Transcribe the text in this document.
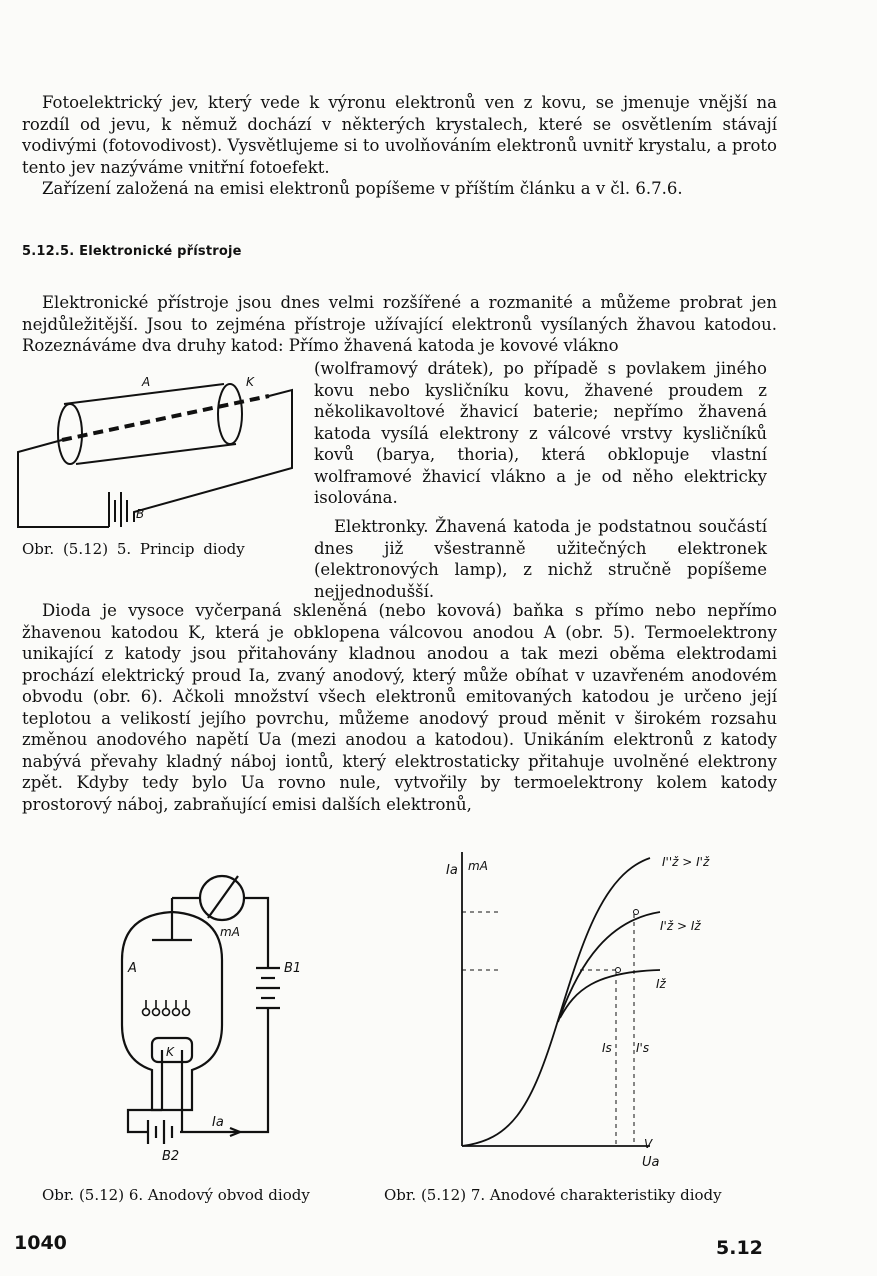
Fotoelektrický jev, který vede k výronu elektronů ven z kovu, se jmenuje vnější na rozdíl od jevu, k němuž dochází v některých krystalech, které se osvětlením stávají vodivými (fotovodivost). Vysvětlujeme si to uvolňováním elektronů uvnitř krystalu, a proto tento jev nazýváme vnitřní fotoefekt.

Zařízení založená na emisi elektronů popíšeme v příštím článku a v čl. 6.7.6.

5.12.5. Elektronické přístroje
Elektronické přístroje jsou dnes velmi rozšířené a rozmanité a můžeme probrat jen nejdůležitější. Jsou to zejména přístroje užívající elektronů vysílaných žhavou katodou. Rozeznáváme dva druhy katod: Přímo žhavená katoda je kovové vlákno
(wolframový drátek), po případě s povlakem jiného kovu nebo kysličníku kovu, žhavené proudem z několikavoltové žhavicí baterie; nepřímo žhavená katoda vysílá elektrony z válcové vrstvy kysličníků kovů (barya, thoria), která obklopuje vlastní wolframové žhavicí vlákno a je od něho elektricky isolována.
Elektronky. Žhavená katoda je podstatnou součástí dnes již všestranně užitečných elektronek (elektronových lamp), z nichž stručně popíšeme nejjednodušší.
A	K
B
Obr. (5.12) 5. Princip diody
Dioda je vysoce vyčerpaná skleněná (nebo kovová) baňka s přímo nebo nepřímo žhavenou katodou K, která je obklopena válcovou anodou A (obr. 5). Termoelektrony unikající z katody jsou přitahovány kladnou anodou a tak mezi oběma elektrodami prochází elektrický proud Ia, zvaný anodový, který může obíhat v uzavřeném anodovém obvodu (obr. 6). Ačkoli množství všech elektronů emitovaných katodou je určeno její teplotou a velikostí jejího povrchu, můžeme anodový proud měnit v širokém rozsahu změnou anodového napětí Ua (mezi anodou a katodou). Unikáním elektronů z katody nabývá převahy kladný náboj iontů, který elektrostaticky přitahuje uvolněné elektrony zpět. Kdyby tedy bylo Ua rovno nule, vytvořily by termoelektrony kolem katody prostorový náboj, zabraňující emisi dalších elektronů,
mA
A
K
B1
B2
Ia
Obr. (5.12) 6. Anodový obvod diody
Ia mA
Ua
V
I''ž > I'ž
I'ž > Iž
Iž
Is I's
Obr. (5.12) 7. Anodové charakteristiky diody
1040	5.12
